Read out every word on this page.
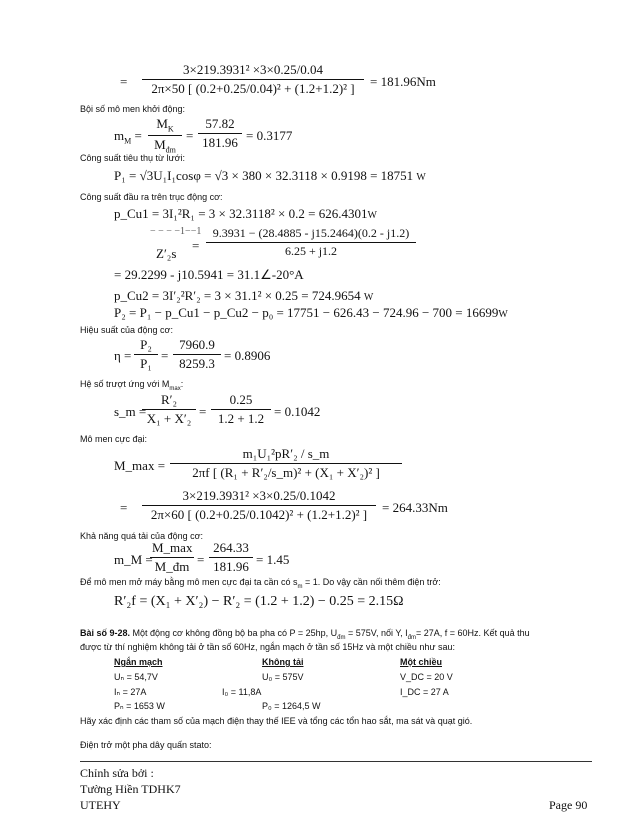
= $\frac{\text{3×219.3931² ×3×0.25/0.04}}{\text{2π×50 [ (0.2+0.25/0.04)² + (1.2+1.2)² ]}} = 181.96Nm$
Bội số mô men khởi động:
$m_M$ =
$M_K$
$M_{đm}$
= $\frac{57.82}{181.96} = 0.3177$
Công suất tiêu thụ từ lưới:
P₁ = √3U₁I₁cosφ = √3 × 380 × 32.3118 × 0.9198 = 18751 W
Công suất đầu ra trên trục động cơ:
p_Cu1 = 3I₁²R₁ = 3 × 32.3118² × 0.2 = 626.4301W
− − − $-1--1 \frac{9.3931 - (28.4885 - j15.2464)(0.2 - j1.2)}{6.25 + j1.2}$
Z′₂s
=
= 29.2299 - j10.5941 = 31.1∠-20°A
p_Cu2 = 3I′₂²R′₂ = 3 × 31.1² × 0.25 = 724.9654 W
P₂ = P₁ − p_Cu1 − p_Cu2 − p₀ = 17751 − 626.43 − 724.96 − 700 = 16699W
Hiệu suất của động cơ:
$\eta = \frac{\text{P₂}}{\text{P₁}} = \frac{7960.9}{8259.3} = 0.8906$
Hệ số trượt ứng với $M_{max}$:
s_m =
$\frac{\text{R′₂}}{\text{X₁ + X′₂}} = \frac{0.25}{1.2 + 1.2} = 0.1042$
Mô men cực đại:
M_max = $\frac{\text{m₁U₁²pR′₂ / s\_m}}{\text{2πf [ (R₁ + R′₂/s\_m)² + (X₁ + X′₂)² ]}}$
= $\frac{\text{3×219.3931² ×3×0.25/0.1042}}{\text{2π×60 [ (0.2+0.25/0.1042)² + (1.2+1.2)² ]}} = 264.33Nm$
Khả năng quá tải của động cơ:
m_M =
M_max
M_đm = $\frac{264.33}{181.96} = 1.45$
Để mô men mở máy bằng mô men cực đại ta cần có $s_m = 1$. Do vậy cần nối thêm điện trở:
R′₂f = (X₁ + X′₂) − R′₂ = (1.2 + 1.2) − 0.25 = 2.15Ω
Bài số 9-28. Một động cơ không đồng bộ ba pha có P = 25hp, $U_{đm} = 575V$, nối Y, $I_{đm}= 27A$, f = 60Hz. Kết quả thu
được từ thí nghiệm không tải ở tần số 60Hz, ngắn mạch ở tần số 15Hz và một chiều như sau:
Ngắn mạch	Không tải	Một chiều
Uₙ = 54,7V	U₀ = 575V	V_DC = 20 V
Iₙ = 27A	I₀ = 11,8A	I_DC = 27 A
Pₙ = 1653 W	P₀ = 1264,5 W
Hãy xác định các tham số của mạch điện thay thế IEE và tổng các tổn hao sắt, ma sát và quạt gió.
Điện trở một pha dây quấn stato:
Chỉnh sửa bởi :
Tường Hiền TDHK7
UTEHY	Page 90
